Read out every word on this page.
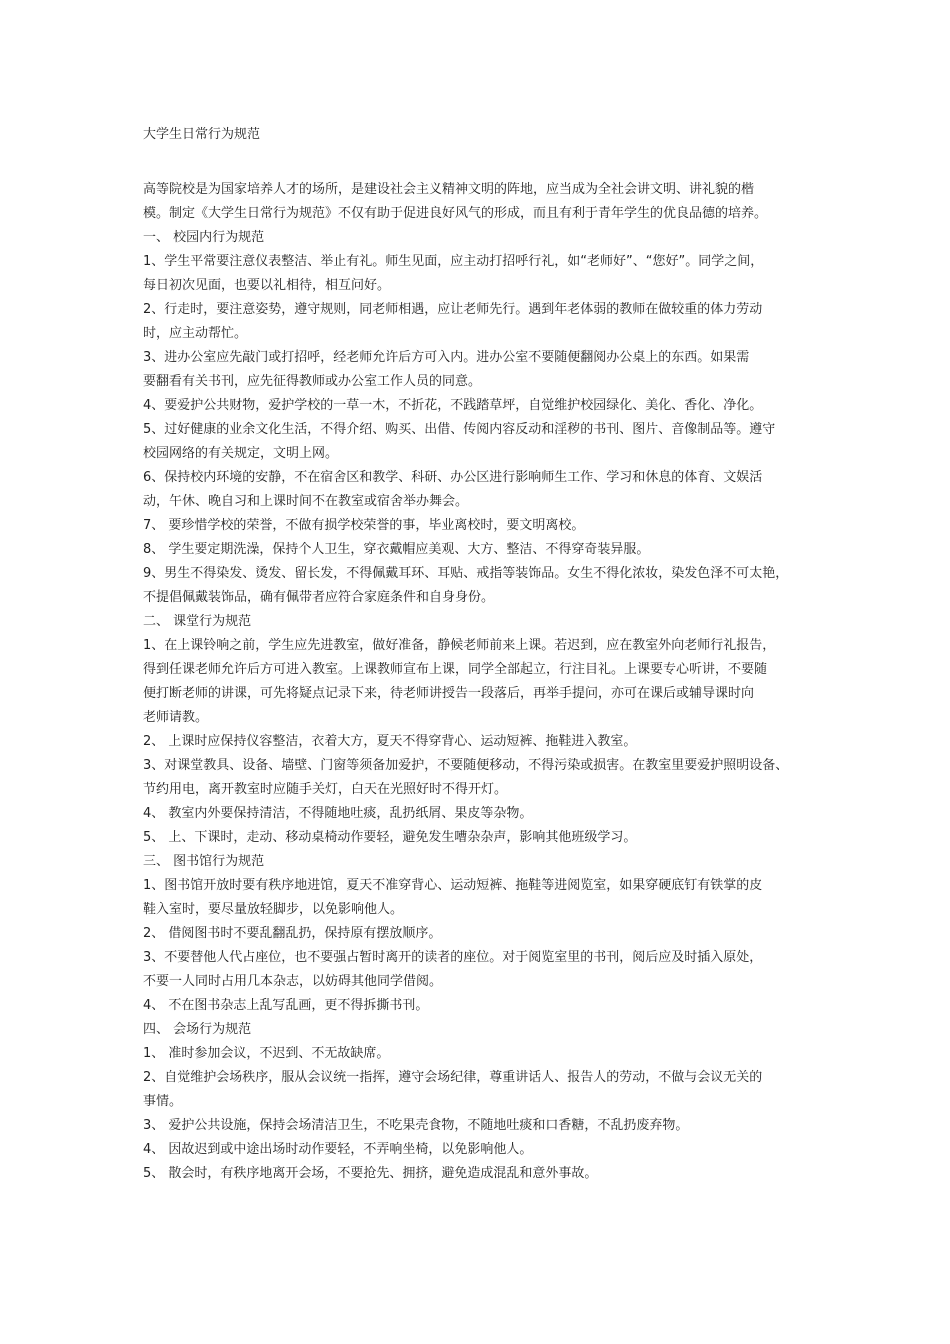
大学生日常行为规范
高等院校是为国家培养人才的场所，是建设社会主义精神文明的阵地，应当成为全社会讲文明、讲礼貌的楷
模。制定《大学生日常行为规范》不仅有助于促进良好风气的形成，而且有利于青年学生的优良品德的培养。
一、 校园内行为规范
1、学生平常要注意仪表整洁、举止有礼。师生见面，应主动打招呼行礼，如“老师好”、“您好”。同学之间，
每日初次见面，也要以礼相待，相互问好。
2、行走时，要注意姿势，遵守规则，同老师相遇，应让老师先行。遇到年老体弱的教师在做较重的体力劳动
时，应主动帮忙。
3、进办公室应先敲门或打招呼，经老师允许后方可入内。进办公室不要随便翻阅办公桌上的东西。如果需
要翻看有关书刊，应先征得教师或办公室工作人员的同意。
4、要爱护公共财物，爱护学校的一草一木，不折花，不践踏草坪，自觉维护校园绿化、美化、香化、净化。
5、过好健康的业余文化生活，不得介绍、购买、出借、传阅内容反动和淫秽的书刊、图片、音像制品等。遵守
校园网络的有关规定，文明上网。
6、保持校内环境的安静，不在宿舍区和教学、科研、办公区进行影响师生工作、学习和休息的体育、文娱活
动，午休、晚自习和上课时间不在教室或宿舍举办舞会。
7、 要珍惜学校的荣誉，不做有损学校荣誉的事，毕业离校时，要文明离校。
8、 学生要定期洗澡，保持个人卫生，穿衣戴帽应美观、大方、整洁、不得穿奇装异服。
9、男生不得染发、烫发、留长发，不得佩戴耳环、耳贴、戒指等装饰品。女生不得化浓妆，染发色泽不可太艳，
不提倡佩戴装饰品，确有佩带者应符合家庭条件和自身身份。
二、 课堂行为规范
1、在上课铃响之前，学生应先进教室，做好准备，静候老师前来上课。若迟到，应在教室外向老师行礼报告，
得到任课老师允许后方可进入教室。上课教师宣布上课，同学全部起立，行注目礼。上课要专心听讲，不要随
便打断老师的讲课，可先将疑点记录下来，待老师讲授告一段落后，再举手提问，亦可在课后或辅导课时向
老师请教。
2、 上课时应保持仪容整洁，衣着大方，夏天不得穿背心、运动短裤、拖鞋进入教室。
3、对课堂教具、设备、墙壁、门窗等须备加爱护，不要随便移动，不得污染或损害。在教室里要爱护照明设备、
节约用电，离开教室时应随手关灯，白天在光照好时不得开灯。
4、 教室内外要保持清洁，不得随地吐痰，乱扔纸屑、果皮等杂物。
5、 上、下课时，走动、移动桌椅动作要轻，避免发生嘈杂杂声，影响其他班级学习。
三、 图书馆行为规范
1、图书馆开放时要有秩序地进馆，夏天不准穿背心、运动短裤、拖鞋等进阅览室，如果穿硬底钉有铁掌的皮
鞋入室时，要尽量放轻脚步，以免影响他人。
2、 借阅图书时不要乱翻乱扔，保持原有摆放顺序。
3、不要替他人代占座位，也不要强占暂时离开的读者的座位。对于阅览室里的书刊，阅后应及时插入原处，
不要一人同时占用几本杂志，以妨碍其他同学借阅。
4、 不在图书杂志上乱写乱画，更不得拆撕书刊。
四、 会场行为规范
1、 准时参加会议，不迟到、不无故缺席。
2、自觉维护会场秩序，服从会议统一指挥，遵守会场纪律，尊重讲话人、报告人的劳动，不做与会议无关的
事情。
3、 爱护公共设施，保持会场清洁卫生，不吃果壳食物，不随地吐痰和口香糖，不乱扔废弃物。
4、 因故迟到或中途出场时动作要轻，不弄响坐椅，以免影响他人。
5、 散会时，有秩序地离开会场，不要抢先、拥挤，避免造成混乱和意外事故。
